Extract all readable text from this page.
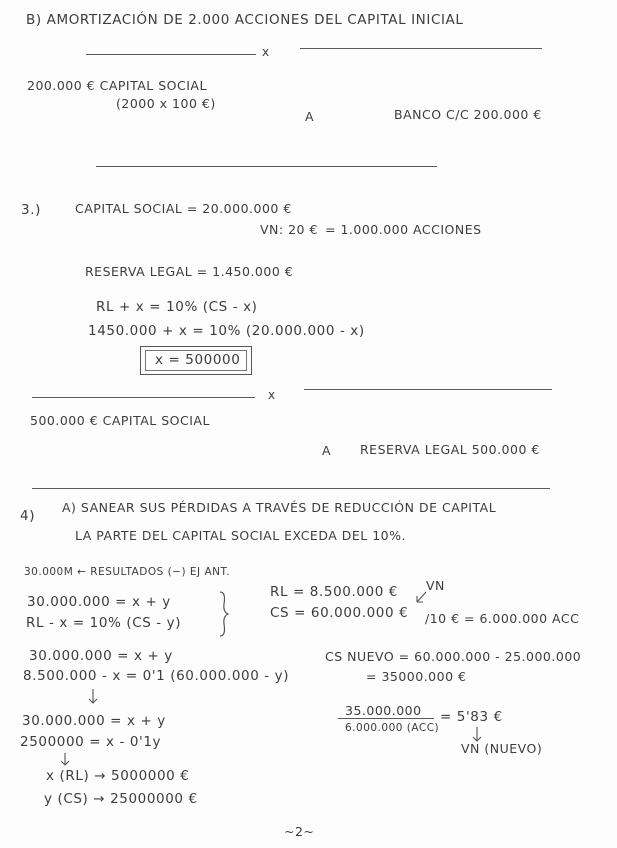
B) AMORTIZACIÓN DE 2.000 ACCIONES DEL CAPITAL INICIAL
x
200.000 € CAPITAL SOCIAL
(2000 x 100 €)
A	BANCO C/C 200.000 €
3.)	CAPITAL SOCIAL = 20.000.000 €
VN: 20 € = 1.000.000 ACCIONES
RESERVA LEGAL = 1.450.000 €
RL + x = 10% (CS - x)
1450.000 + x = 10% (20.000.000 - x)
x = 500000
x
500.000 € CAPITAL SOCIAL
A RESERVA LEGAL 500.000 €
4)
A) SANEAR SUS PÉRDIDAS A TRAVÉS DE REDUCCIÓN DE CAPITAL
LA PARTE DEL CAPITAL SOCIAL EXCEDA DEL 10%.
30.000M ← RESULTADOS (−) EJ ANT.
30.000.000 = x + y
RL - x = 10% (CS - y)
RL = 8.500.000 € VN
CS = 60.000.000 € /10 € = 6.000.000 ACC
30.000.000 = x + y
8.500.000 - x = 0'1 (60.000.000 - y)
CS NUEVO = 60.000.000 - 25.000.000
= 35000.000 €
30.000.000 = x + y
2500000 = x - 0'1y
35.000.000
6.000.000 (ACC)
= 5'83 €
VN (NUEVO)
x (RL) → 5000000 €
y (CS) → 25000000 €
~2~
